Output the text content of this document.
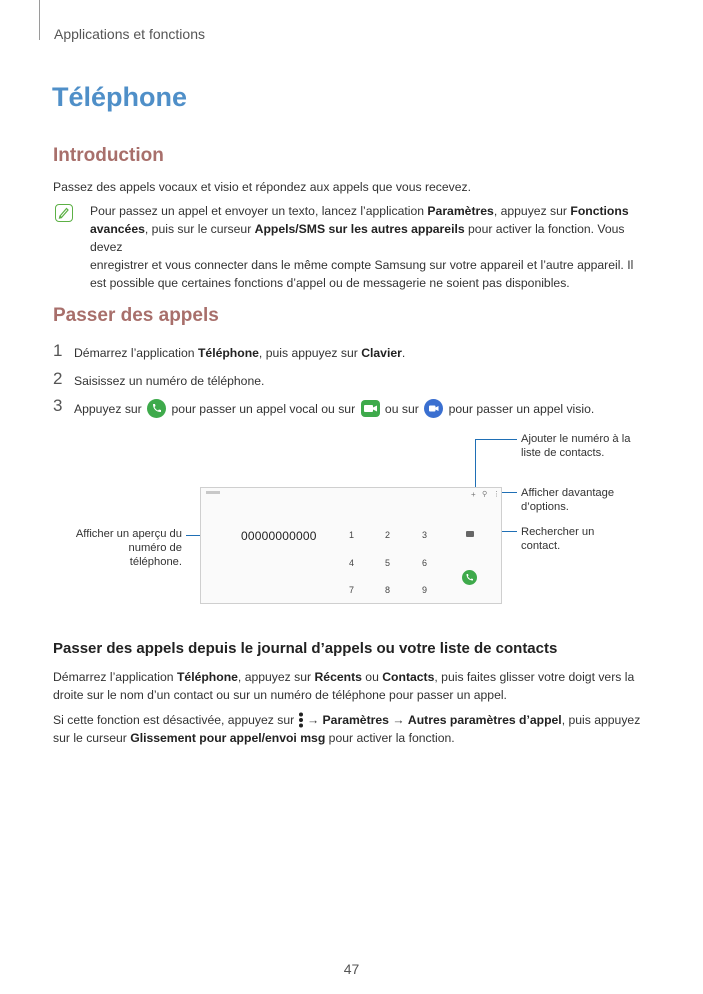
Applications et fonctions
Téléphone
Introduction
Passez des appels vocaux et visio et répondez aux appels que vous recevez.
Pour passez un appel et envoyer un texto, lancez l’application Paramètres, appuyez sur Fonctions
avancées, puis sur le curseur Appels/SMS sur les autres appareils pour activer la fonction. Vous devez
enregistrer et vous connecter dans le même compte Samsung sur votre appareil et l’autre appareil. Il
est possible que certaines fonctions d’appel ou de messagerie ne soient pas disponibles.
Passer des appels
1 Démarrez l’application Téléphone, puis appuyez sur Clavier.
2 Saisissez un numéro de téléphone.
3 Appuyez sur  pour passer un appel vocal ou sur  ou sur  pour passer un appel visio.
Ajouter le numéro à la
liste de contacts.
Afficher davantage
d’options.
Rechercher un
contact.
Afficher un aperçu du
numéro de
téléphone.
+ ⚲ ⋮
00000000000	1	2	3
4	5	6
7	8	9
Passer des appels depuis le journal d’appels ou votre liste de contacts
Démarrez l’application Téléphone, appuyez sur Récents ou Contacts, puis faites glisser votre doigt vers la
droite sur le nom d’un contact ou sur un numéro de téléphone pour passer un appel.
Si cette fonction est désactivée, appuyez sur  → Paramètres → Autres paramètres d’appel, puis appuyez
sur le curseur Glissement pour appel/envoi msg pour activer la fonction.
47
